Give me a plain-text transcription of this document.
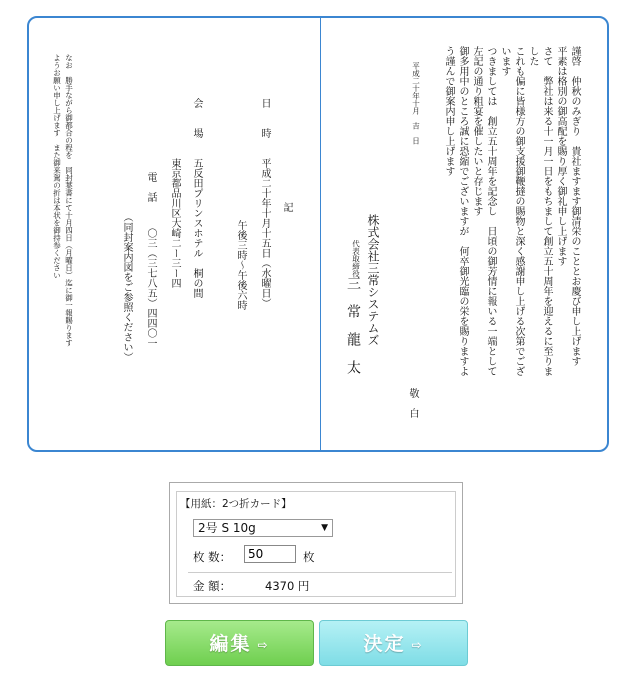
謹啓
仲秋のみぎり　貴社ますます御清栄のこととお慶び申し上げます
平素は格別の御高配を賜り厚く御礼申し上げます
さて　弊社は来る十一月一日をもちまして創立五十周年を迎えるに至りま
した
これも偏に皆様方の御支援御鞭撻の賜物と深く感謝申し上げる次第でござ
います
つきましては　創立五十周年を記念し　日頃の御芳情に報いる一端として
左記の通り粗宴を催したいと存じます
御多用中のところ誠に恐縮でございますが　何卒御光臨の栄を賜りますよ
う謹んで御案内申し上げます
敬　白
平成二十年十月　吉　日
株式会社三常システムズ
代表取締役
三　常　龍　太
記
日　　時
平成二十年十月十五日（水曜日）
午後三時〜午後六時
会　　場
五反田プリンスホテル　桐の間
東京都品川区大崎二ー三ー四
電　話
〇三（三七八五）四四〇一
（同封案内図をご参照ください）
なお　勝手ながら御都合の程を　同封葉書にて十月四日（月曜日）迄に御一報賜ります
ようお願い申し上げます　また御来駕の折は本状を御持参ください
【用紙：2つ折カード】
2号 S 10g	▼
枚 数：
50	枚
金 額：	4370 円
編集 ⇨	決定 ⇨
